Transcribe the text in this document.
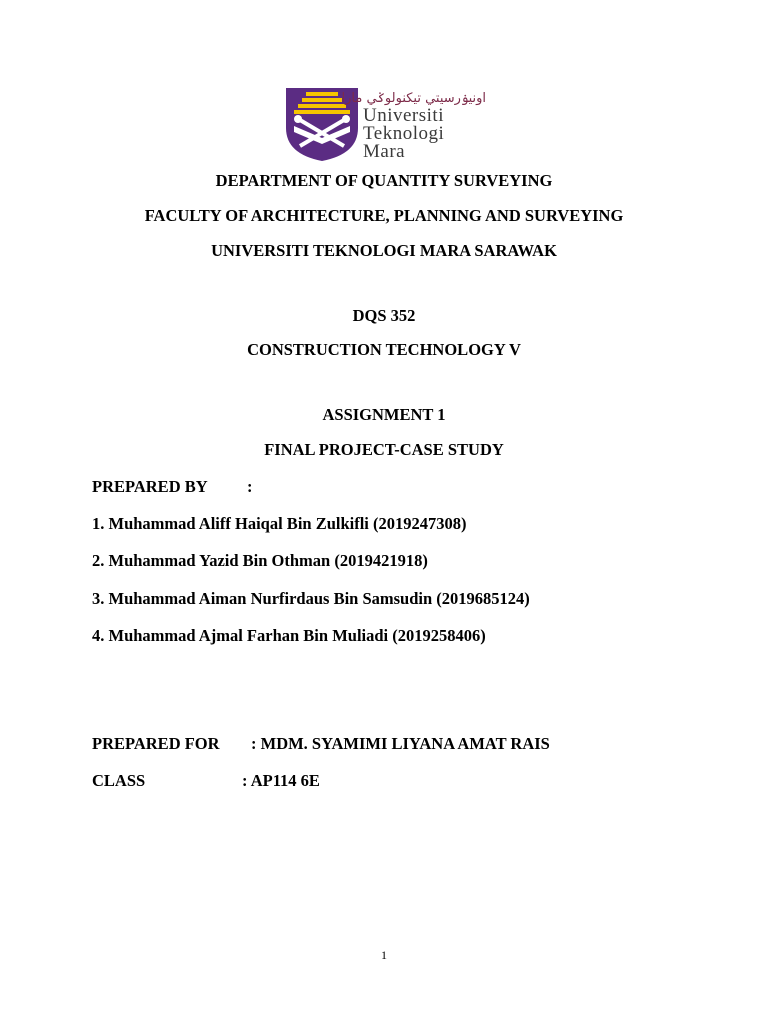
اونيۏرسيتي تيكنولوݢي مارا
Universiti
Teknologi
Mara
DEPARTMENT OF QUANTITY SURVEYING
FACULTY OF ARCHITECTURE, PLANNING AND SURVEYING
UNIVERSITI TEKNOLOGI MARA SARAWAK
DQS 352
CONSTRUCTION TECHNOLOGY V
ASSIGNMENT 1
FINAL PROJECT-CASE STUDY
PREPARED BY :
1. Muhammad Aliff Haiqal Bin Zulkifli (2019247308)
2. Muhammad Yazid Bin Othman (2019421918)
3. Muhammad Aiman Nurfirdaus Bin Samsudin (2019685124)
4. Muhammad Ajmal Farhan Bin Muliadi (2019258406)
PREPARED FOR : MDM. SYAMIMI LIYANA AMAT RAIS
CLASS	: AP114 6E
1
